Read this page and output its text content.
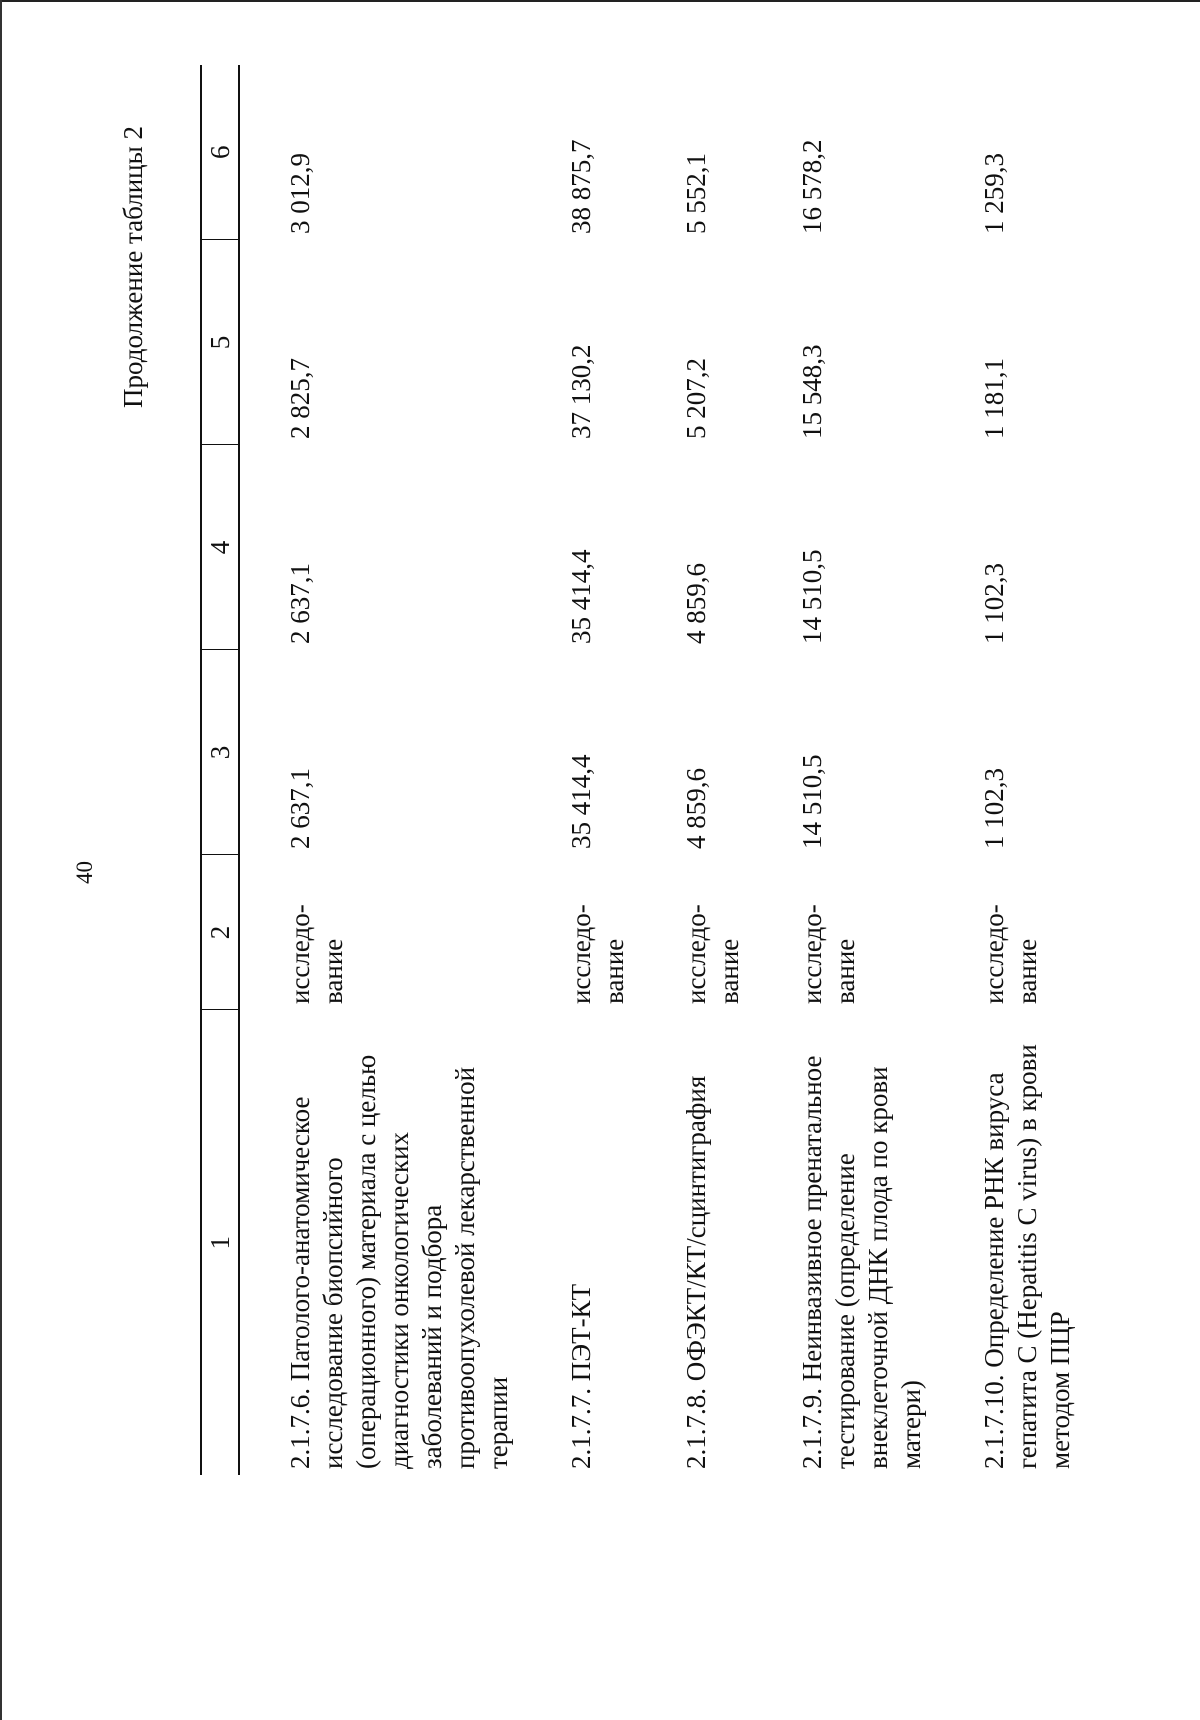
40
Продолжение таблицы 2
1	2	3	4	5	6
2.1.7.6. Патолого-анатомическое исследование биопсийного (операционного) материала с целью диагностики онкологических заболеваний и подбора противоопухолевой лекарственной терапии	исследо-вание	2 637,1	2 637,1	2 825,7	3 012,9
2.1.7.7. ПЭТ-КТ	исследо-вание	35 414,4	35 414,4	37 130,2	38 875,7
2.1.7.8. ОФЭКТ/КТ/сцинтиграфия	исследо-вание	4 859,6	4 859,6	5 207,2	5 552,1
2.1.7.9. Неинвазивное пренатальное тестирование (определение внеклеточной ДНК плода по крови матери)	исследо-вание	14 510,5	14 510,5	15 548,3	16 578,2
2.1.7.10. Определение РНК вируса гепатита C (Hepatitis C virus) в крови методом ПЦР	исследо-вание	1 102,3	1 102,3	1 181,1	1 259,3
